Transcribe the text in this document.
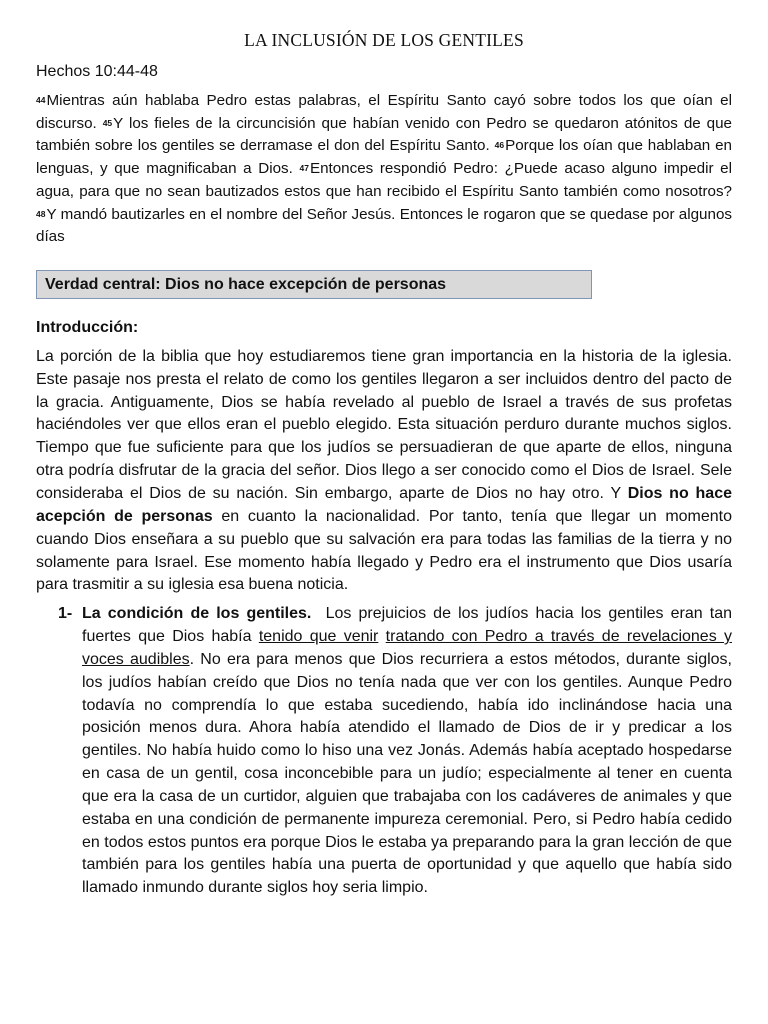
LA INCLUSIÓN DE LOS GENTILES
Hechos 10:44-48
$^{44}$Mientras aún hablaba Pedro estas palabras, el Espíritu Santo cayó sobre todos los que oían el discurso. $^{45}$Y los fieles de la circuncisión que habían venido con Pedro se quedaron atónitos de que también sobre los gentiles se derramase el don del Espíritu Santo. $^{46}$Porque los oían que hablaban en lenguas, y que magnificaban a Dios. $^{47}$Entonces respondió Pedro: ¿Puede acaso alguno impedir el agua, para que no sean bautizados estos que han recibido el Espíritu Santo también como nosotros? $^{48}$Y mandó bautizarles en el nombre del Señor Jesús. Entonces le rogaron que se quedase por algunos días
Verdad central: Dios no hace excepción de personas
Introducción:
La porción de la biblia que hoy estudiaremos tiene gran importancia en la historia de la iglesia. Este pasaje nos presta el relato de como los gentiles llegaron a ser incluidos dentro del pacto de la gracia. Antiguamente, Dios se había revelado al pueblo de Israel a través de sus profetas haciéndoles ver que ellos eran el pueblo elegido. Esta situación perduro durante muchos siglos. Tiempo que fue suficiente para que los judíos se persuadieran de que aparte de ellos, ninguna otra podría disfrutar de la gracia del señor. Dios llego a ser conocido como el Dios de Israel. Sele consideraba el Dios de su nación. Sin embargo, aparte de Dios no hay otro. Y Dios no hace acepción de personas en cuanto la nacionalidad. Por tanto, tenía que llegar un momento cuando Dios enseñara a su pueblo que su salvación era para todas las familias de la tierra y no solamente para Israel. Ese momento había llegado y Pedro era el instrumento que Dios usaría para trasmitir a su iglesia esa buena noticia.
1- La condición de los gentiles. Los prejuicios de los judíos hacia los gentiles eran tan fuertes que Dios había tenido que venir tratando con Pedro a través de revelaciones y voces audibles. No era para menos que Dios recurriera a estos métodos, durante siglos, los judíos habían creído que Dios no tenía nada que ver con los gentiles. Aunque Pedro todavía no comprendía lo que estaba sucediendo, había ido inclinándose hacia una posición menos dura. Ahora había atendido el llamado de Dios de ir y predicar a los gentiles. No había huido como lo hiso una vez Jonás. Además había aceptado hospedarse en casa de un gentil, cosa inconcebible para un judío; especialmente al tener en cuenta que era la casa de un curtidor, alguien que trabajaba con los cadáveres de animales y que estaba en una condición de permanente impureza ceremonial. Pero, si Pedro había cedido en todos estos puntos era porque Dios le estaba ya preparando para la gran lección de que también para los gentiles había una puerta de oportunidad y que aquello que había sido llamado inmundo durante siglos hoy seria limpio.
